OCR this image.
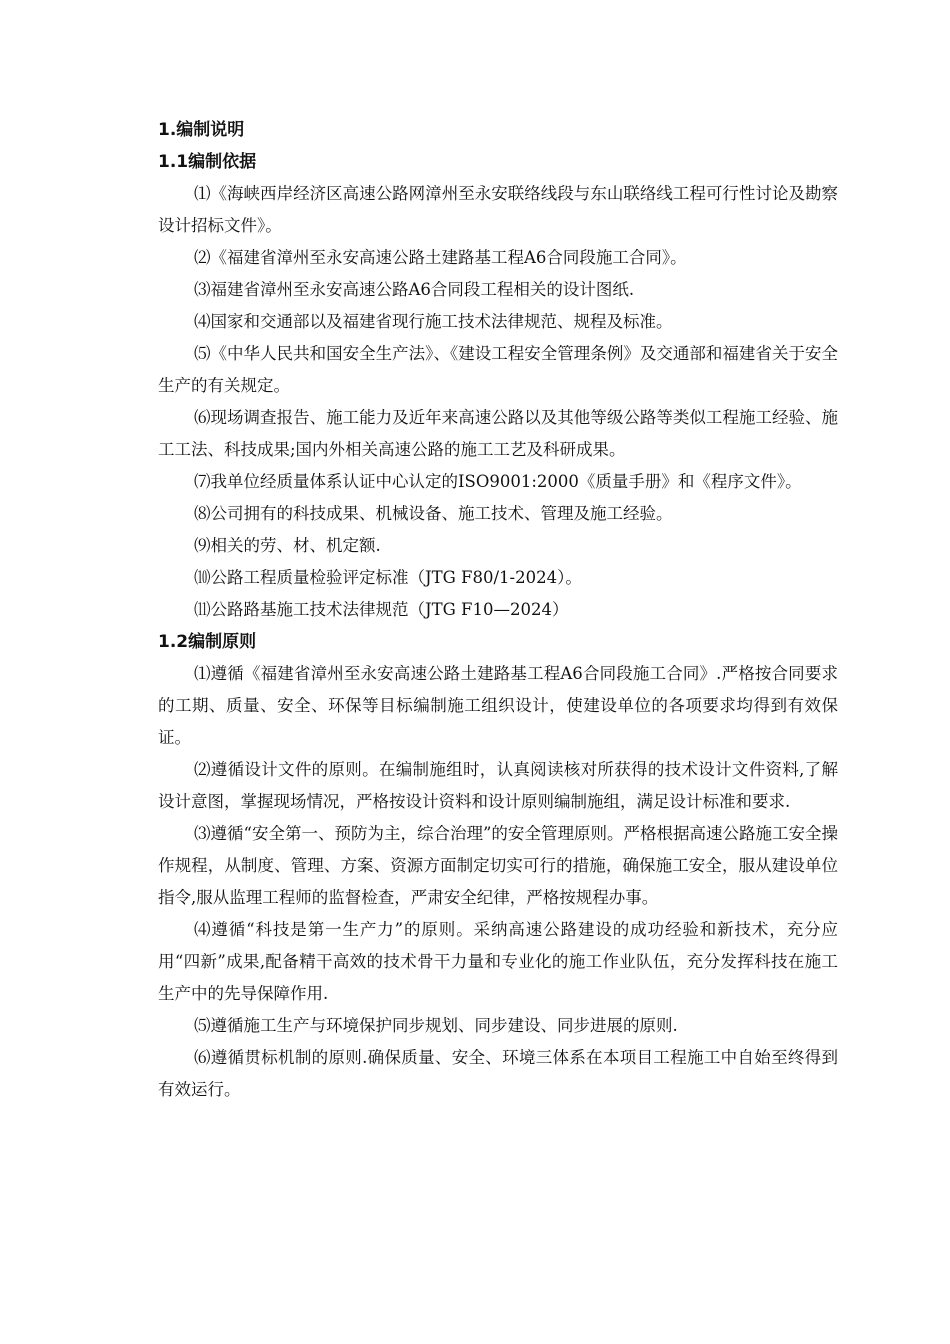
1.编制说明
1.1编制依据

⑴《海峡西岸经济区高速公路网漳州至永安联络线段与东山联络线工程可行性讨论及勘察设计招标文件》。

⑵《福建省漳州至永安高速公路土建路基工程A6合同段施工合同》。

⑶福建省漳州至永安高速公路A6合同段工程相关的设计图纸.

⑷国家和交通部以及福建省现行施工技术法律规范、规程及标准。

⑸《中华人民共和国安全生产法》、《建设工程安全管理条例》及交通部和福建省关于安全生产的有关规定。

⑹现场调查报告、施工能力及近年来高速公路以及其他等级公路等类似工程施工经验、施工工法、科技成果;国内外相关高速公路的施工工艺及科研成果。

⑺我单位经质量体系认证中心认定的ISO9001:2000《质量手册》和《程序文件》。

⑻公司拥有的科技成果、机械设备、施工技术、管理及施工经验。

⑼相关的劳、材、机定额.

⑽公路工程质量检验评定标准（JTG F80/1-2024）。

⑾公路路基施工技术法律规范（JTG F10—2024）

1.2编制原则

⑴遵循《福建省漳州至永安高速公路土建路基工程A6合同段施工合同》.严格按合同要求的工期、质量、安全、环保等目标编制施工组织设计，使建设单位的各项要求均得到有效保证。

⑵遵循设计文件的原则。在编制施组时，认真阅读核对所获得的技术设计文件资料,了解设计意图，掌握现场情况，严格按设计资料和设计原则编制施组，满足设计标准和要求.

⑶遵循“安全第一、预防为主，综合治理”的安全管理原则。严格根据高速公路施工安全操作规程，从制度、管理、方案、资源方面制定切实可行的措施，确保施工安全，服从建设单位指令,服从监理工程师的监督检查，严肃安全纪律，严格按规程办事。

⑷遵循“科技是第一生产力”的原则。采纳高速公路建设的成功经验和新技术，充分应用“四新”成果,配备精干高效的技术骨干力量和专业化的施工作业队伍，充分发挥科技在施工生产中的先导保障作用.

⑸遵循施工生产与环境保护同步规划、同步建设、同步进展的原则.

⑹遵循贯标机制的原则.确保质量、安全、环境三体系在本项目工程施工中自始至终得到有效运行。
